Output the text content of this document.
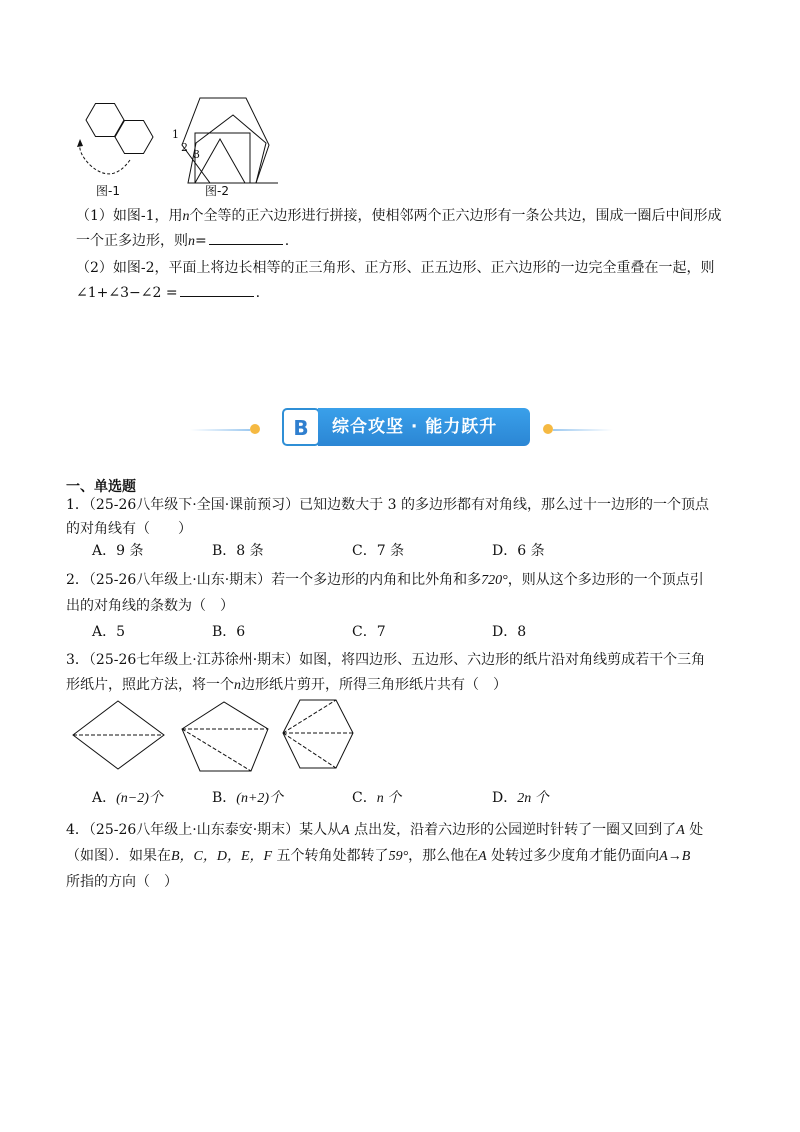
图-1
1
2
3
图-2
（1）如图-1，用n个全等的正六边形进行拼接，使相邻两个正六边形有一条公共边，围成一圈后中间形成
一个正多边形，则n=	.
（2）如图-2，平面上将边长相等的正三角形、正方形、正五边形、正六边形的一边完全重叠在一起，则
∠1+∠3−∠2 =	.
B	综合攻坚 · 能力跃升
一、单选题
1．（25-26八年级下·全国·课前预习）已知边数大于 3 的多边形都有对角线，那么过十一边形的一个顶点
的对角线有（　　）
A．9 条	B．8 条	C．7 条	D．6 条
2．（25-26八年级上·山东·期末）若一个多边形的内角和比外角和多720°，则从这个多边形的一个顶点引
出的对角线的条数为（　）
A．5	B．6	C．7	D．8
3．（25-26七年级上·江苏徐州·期末）如图，将四边形、五边形、六边形的纸片沿对角线剪成若干个三角
形纸片，照此方法，将一个n边形纸片剪开，所得三角形纸片共有（　）
A．(n−2)个	B．(n+2)个	C．n 个	D．2n 个
4．（25-26八年级上·山东泰安·期末）某人从A 点出发，沿着六边形的公园逆时针转了一圈又回到了A 处
（如图）．如果在B，C，D，E，F 五个转角处都转了59°，那么他在A 处转过多少度角才能仍面向A→B
所指的方向（　）
